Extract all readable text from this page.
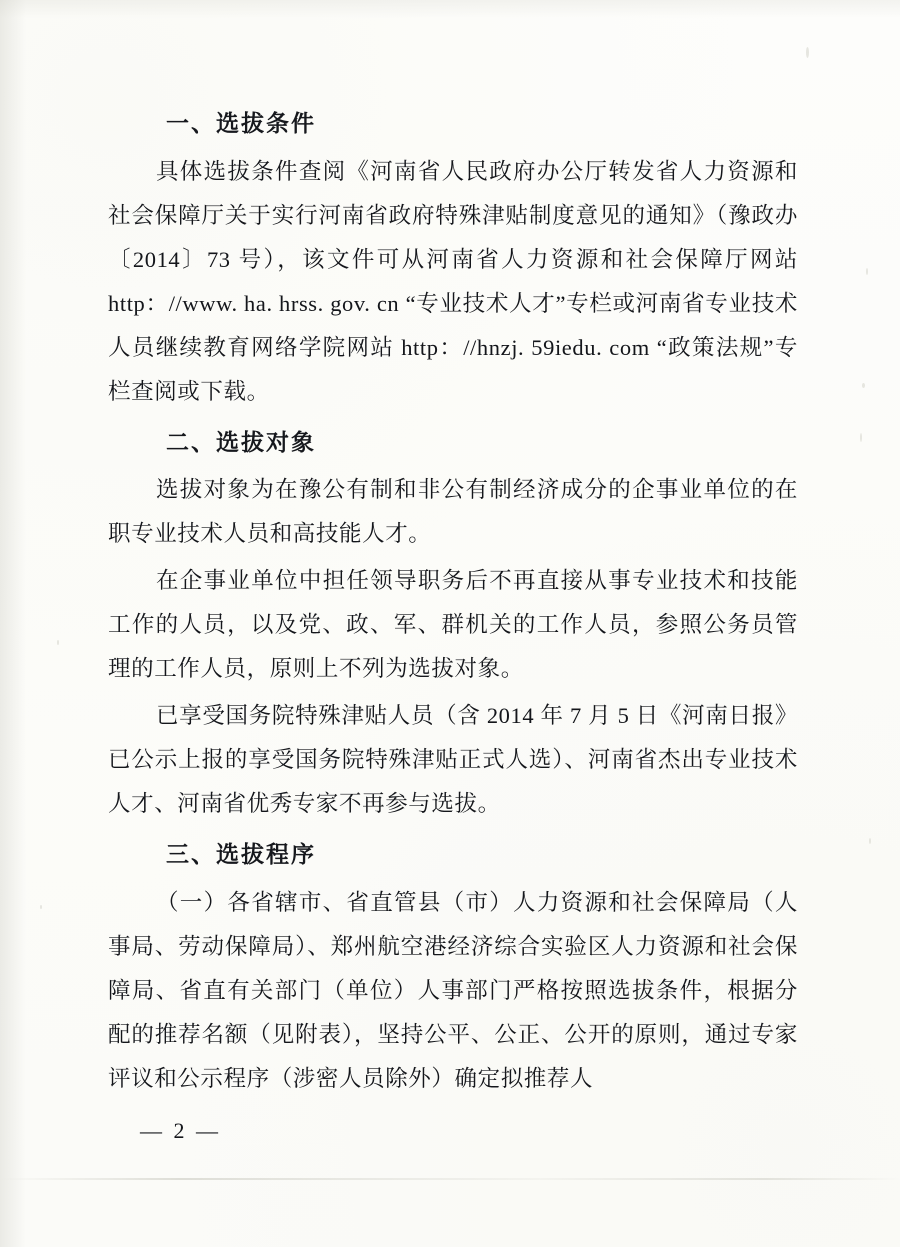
一、选拔条件

具体选拔条件查阅《河南省人民政府办公厅转发省人力资源和社会保障厅关于实行河南省政府特殊津贴制度意见的通知》（豫政办〔2014〕73 号），该文件可从河南省人力资源和社会保障厅网站 http：//www. ha. hrss. gov. cn “专业技术人才”专栏或河南省专业技术人员继续教育网络学院网站 http：//hnzj. 59iedu. com “政策法规”专栏查阅或下载。

二、选拔对象

选拔对象为在豫公有制和非公有制经济成分的企事业单位的在职专业技术人员和高技能人才。

在企事业单位中担任领导职务后不再直接从事专业技术和技能工作的人员，以及党、政、军、群机关的工作人员，参照公务员管理的工作人员，原则上不列为选拔对象。

已享受国务院特殊津贴人员（含 2014 年 7 月 5 日《河南日报》已公示上报的享受国务院特殊津贴正式人选）、河南省杰出专业技术人才、河南省优秀专家不再参与选拔。

三、选拔程序

（一）各省辖市、省直管县（市）人力资源和社会保障局（人事局、劳动保障局）、郑州航空港经济综合实验区人力资源和社会保障局、省直有关部门（单位）人事部门严格按照选拔条件，根据分配的推荐名额（见附表），坚持公平、公正、公开的原则，通过专家评议和公示程序（涉密人员除外）确定拟推荐人

— 2 —
